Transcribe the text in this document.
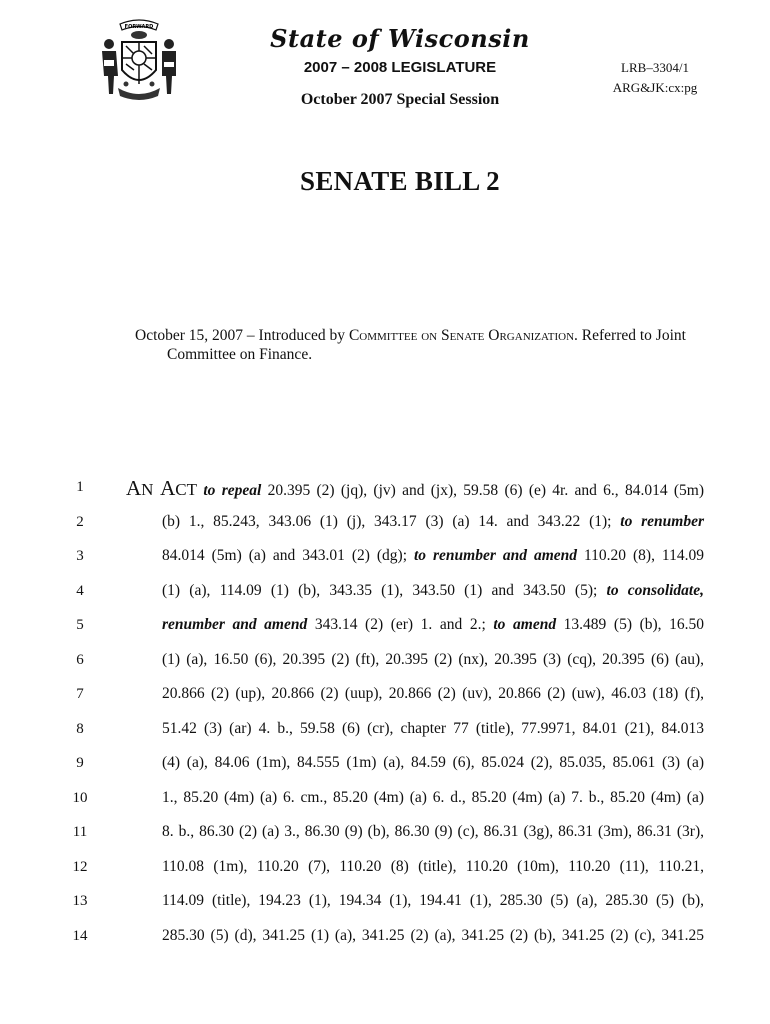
FORWARD	State of Wisconsin
2007 – 2008 LEGISLATURE
October 2007 Special Session
LRB–3304/1
ARG&JK:cx:pg
SENATE BILL 2
October 15, 2007 – Introduced by Committee on Senate Organization. Referred to Joint Committee on Finance.
1	AN ACT to repeal 20.395 (2) (jq), (jv) and (jx), 59.58 (6) (e) 4r. and 6., 84.014 (5m)
2	(b) 1., 85.243, 343.06 (1) (j), 343.17 (3) (a) 14. and 343.22 (1); to renumber
3	84.014 (5m) (a) and 343.01 (2) (dg); to renumber and amend 110.20 (8), 114.09
4	(1) (a), 114.09 (1) (b), 343.35 (1), 343.50 (1) and 343.50 (5); to consolidate,
5	renumber and amend 343.14 (2) (er) 1. and 2.; to amend 13.489 (5) (b), 16.50
6	(1) (a), 16.50 (6), 20.395 (2) (ft), 20.395 (2) (nx), 20.395 (3) (cq), 20.395 (6) (au),
7	20.866 (2) (up), 20.866 (2) (uup), 20.866 (2) (uv), 20.866 (2) (uw), 46.03 (18) (f),
8	51.42 (3) (ar) 4. b., 59.58 (6) (cr), chapter 77 (title), 77.9971, 84.01 (21), 84.013
9	(4) (a), 84.06 (1m), 84.555 (1m) (a), 84.59 (6), 85.024 (2), 85.035, 85.061 (3) (a)
10	1., 85.20 (4m) (a) 6. cm., 85.20 (4m) (a) 6. d., 85.20 (4m) (a) 7. b., 85.20 (4m) (a)
11	8. b., 86.30 (2) (a) 3., 86.30 (9) (b), 86.30 (9) (c), 86.31 (3g), 86.31 (3m), 86.31 (3r),
12	110.08 (1m), 110.20 (7), 110.20 (8) (title), 110.20 (10m), 110.20 (11), 110.21,
13	114.09 (title), 194.23 (1), 194.34 (1), 194.41 (1), 285.30 (5) (a), 285.30 (5) (b),
14	285.30 (5) (d), 341.25 (1) (a), 341.25 (2) (a), 341.25 (2) (b), 341.25 (2) (c), 341.25
